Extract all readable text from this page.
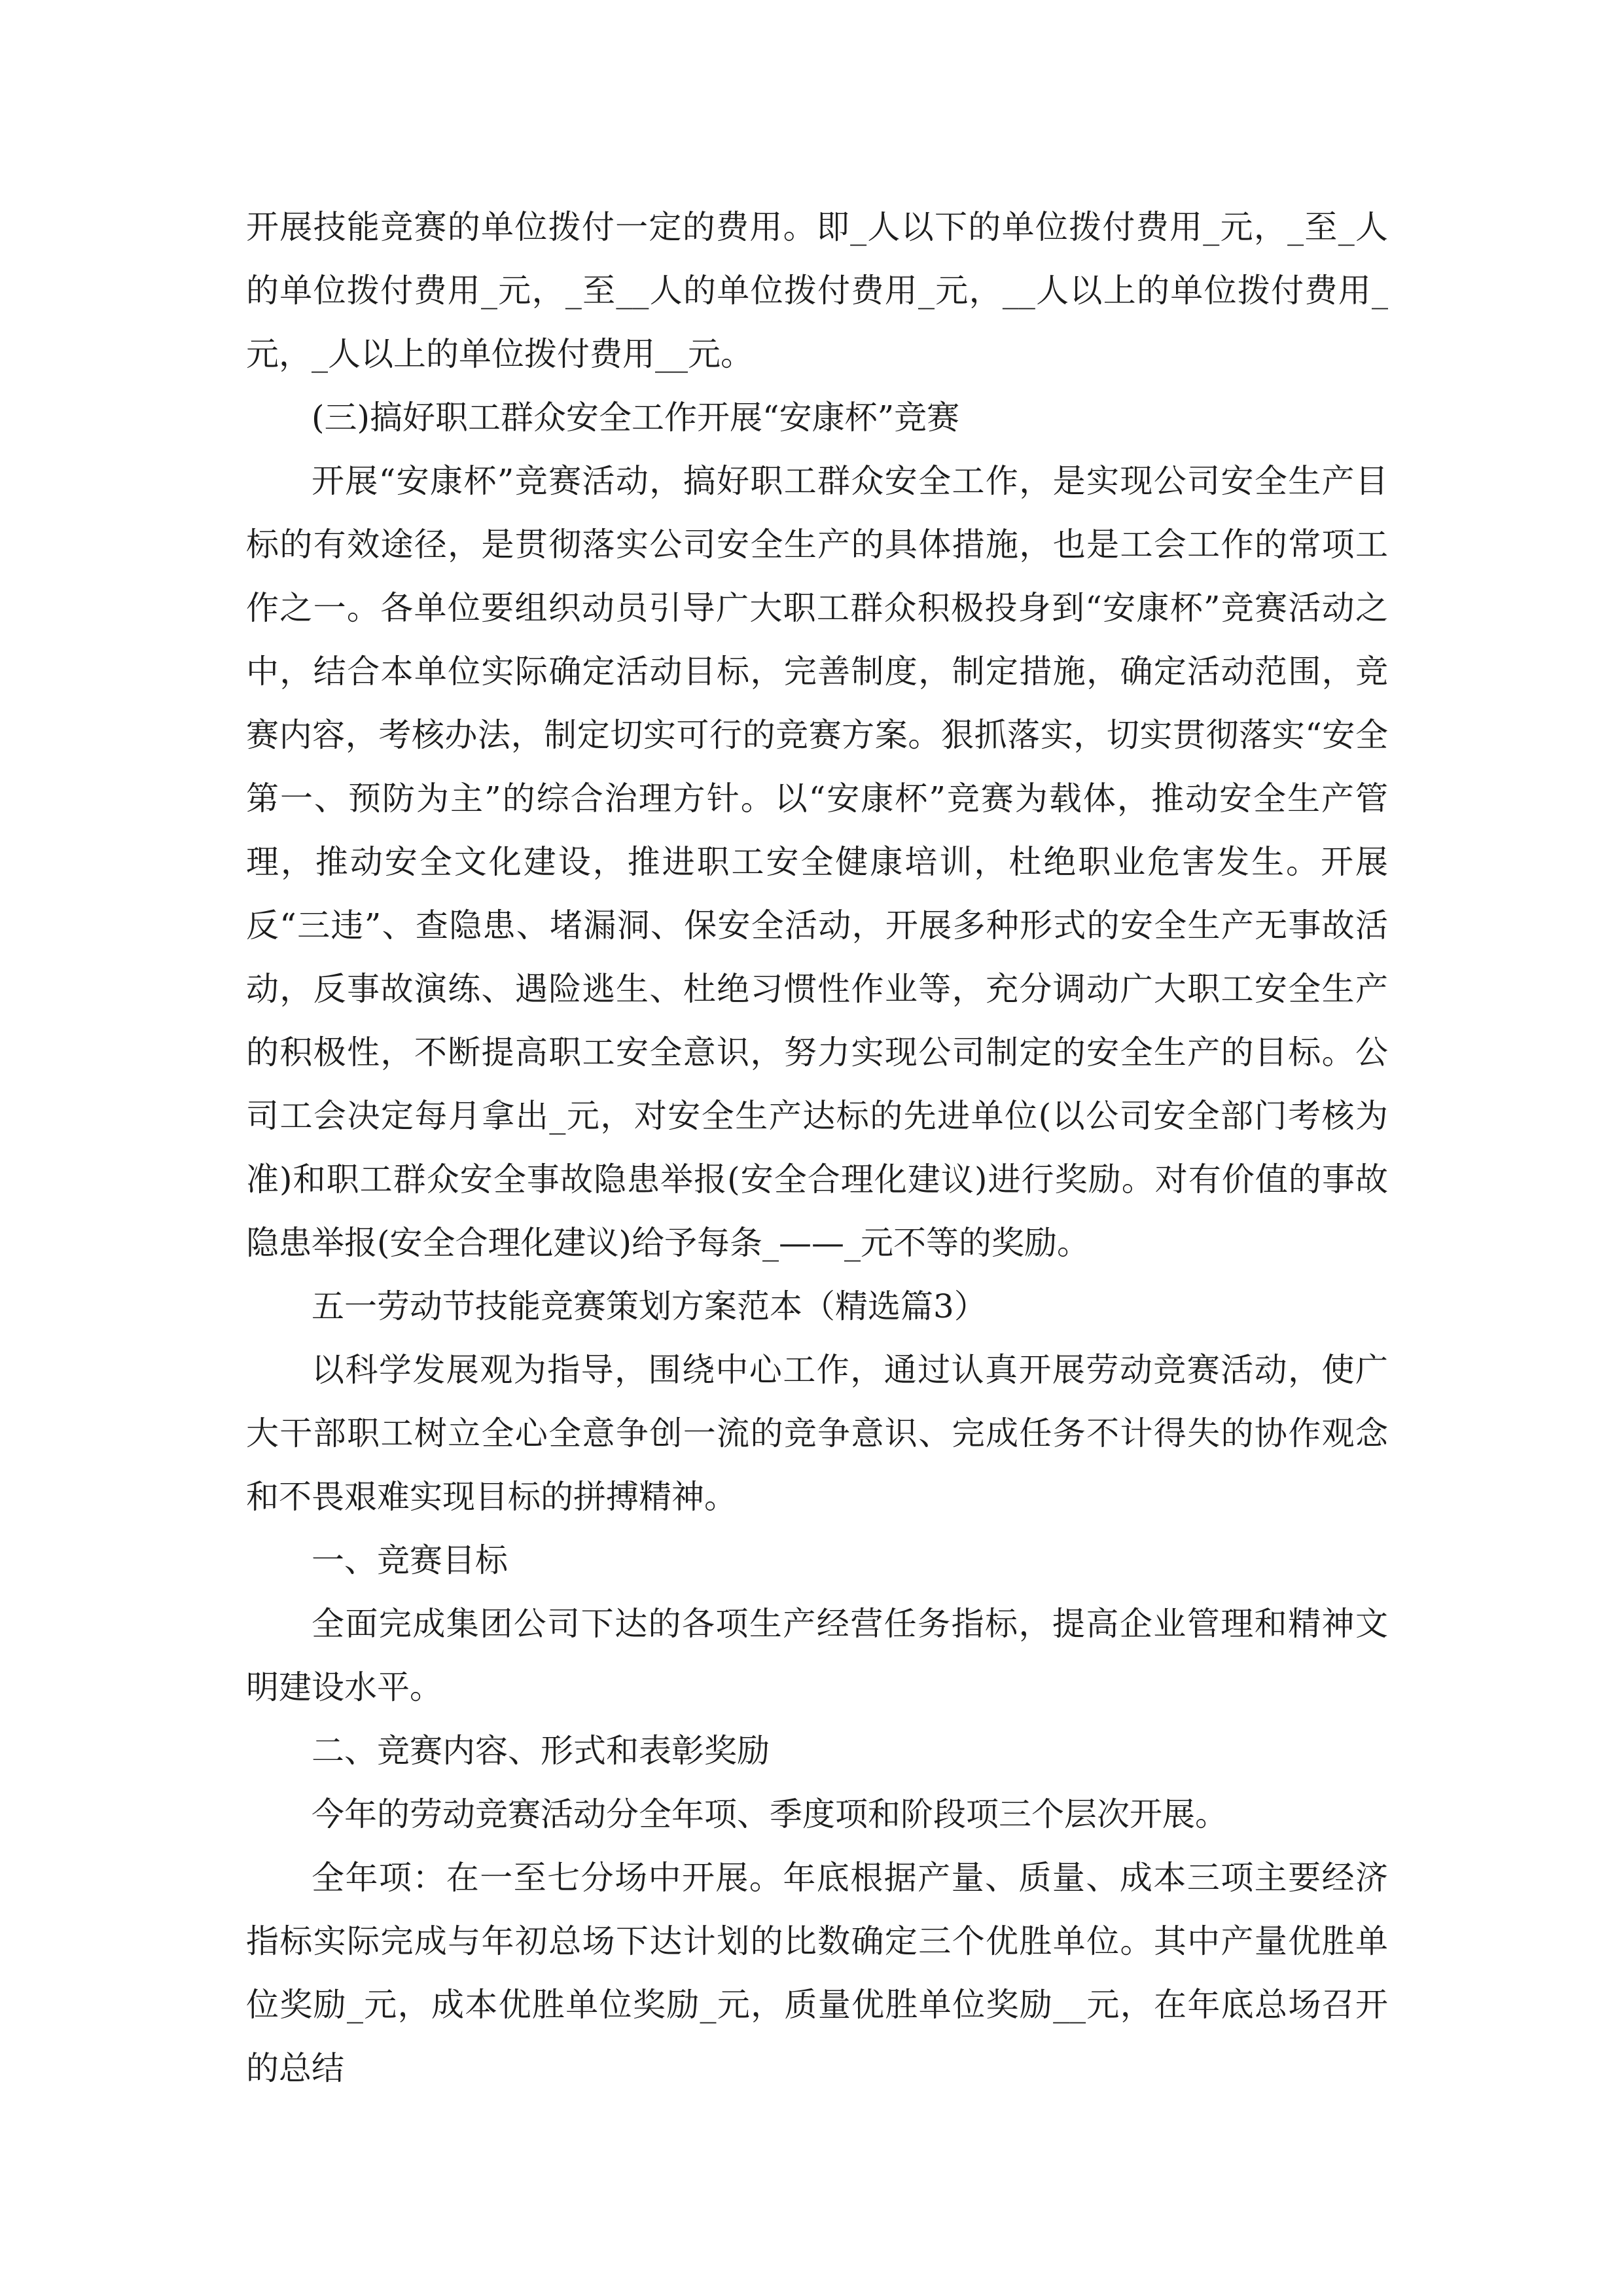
开展技能竞赛的单位拨付一定的费用。即_人以下的单位拨付费用_元，_至_人的单位拨付费用_元，_至__人的单位拨付费用_元，__人以上的单位拨付费用_元，_人以上的单位拨付费用__元。

(三)搞好职工群众安全工作开展“安康杯”竞赛

开展“安康杯”竞赛活动，搞好职工群众安全工作，是实现公司安全生产目标的有效途径，是贯彻落实公司安全生产的具体措施，也是工会工作的常项工作之一。各单位要组织动员引导广大职工群众积极投身到“安康杯”竞赛活动之中，结合本单位实际确定活动目标，完善制度，制定措施，确定活动范围，竞赛内容，考核办法，制定切实可行的竞赛方案。狠抓落实，切实贯彻落实“安全第一、预防为主”的综合治理方针。以“安康杯”竞赛为载体，推动安全生产管理，推动安全文化建设，推进职工安全健康培训，杜绝职业危害发生。开展反“三违”、查隐患、堵漏洞、保安全活动，开展多种形式的安全生产无事故活动，反事故演练、遇险逃生、杜绝习惯性作业等，充分调动广大职工安全生产的积极性，不断提高职工安全意识，努力实现公司制定的安全生产的目标。公司工会决定每月拿出_元，对安全生产达标的先进单位(以公司安全部门考核为准)和职工群众安全事故隐患举报(安全合理化建议)进行奖励。对有价值的事故隐患举报(安全合理化建议)给予每条_——_元不等的奖励。

五一劳动节技能竞赛策划方案范本（精选篇3）

以科学发展观为指导，围绕中心工作，通过认真开展劳动竞赛活动，使广大干部职工树立全心全意争创一流的竞争意识、完成任务不计得失的协作观念和不畏艰难实现目标的拼搏精神。

一、竞赛目标

全面完成集团公司下达的各项生产经营任务指标，提高企业管理和精神文明建设水平。

二、竞赛内容、形式和表彰奖励

今年的劳动竞赛活动分全年项、季度项和阶段项三个层次开展。

全年项：在一至七分场中开展。年底根据产量、质量、成本三项主要经济指标实际完成与年初总场下达计划的比数确定三个优胜单位。其中产量优胜单位奖励_元，成本优胜单位奖励_元，质量优胜单位奖励__元，在年底总场召开的总结
